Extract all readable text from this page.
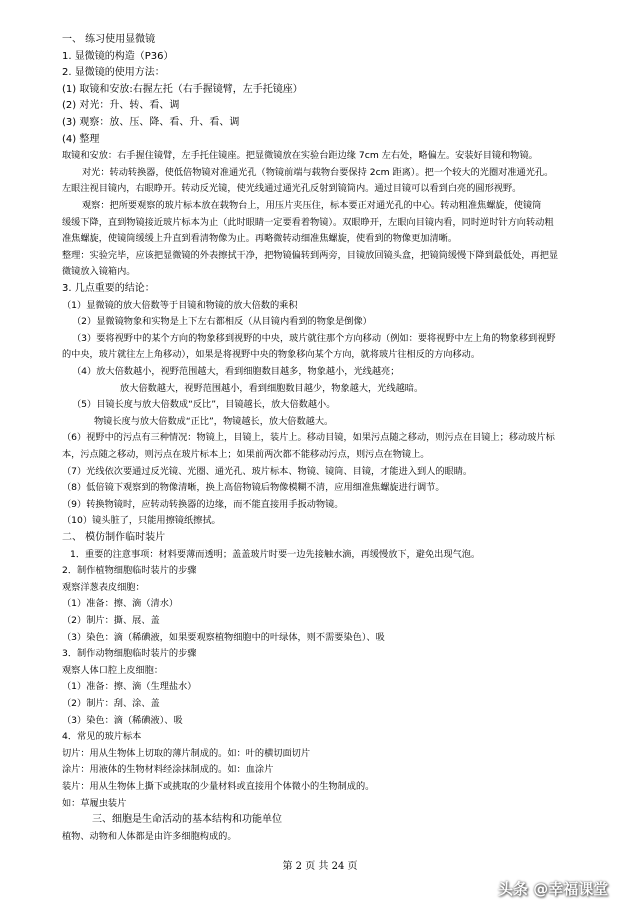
一、 练习使用显微镜
1. 显微镜的构造（P36）
2. 显微镜的使用方法：
(1) 取镜和安放:右握左托（右手握镜臂，左手托镜座）
(2) 对光：升、转、看、调
(3) 观察：放、压、降、看、升、看、调
(4) 整理
取镜和安放：右手握住镜臂，左手托住镜座。把显微镜放在实验台距边缘 7cm 左右处，略偏左。安装好目镜和物镜。
对光：转动转换器，使低倍物镜对准通光孔（物镜前端与载物台要保持 2cm 距离）。把一个较大的光圈对准通光孔。
左眼注视目镜内，右眼睁开。转动反光镜，使光线通过通光孔反射到镜筒内。通过目镜可以看到白亮的圆形视野。
观察：把所要观察的玻片标本放在载物台上，用压片夹压住，标本要正对通光孔的中心。转动粗准焦螺旋，使镜筒
缓缓下降，直到物镜接近玻片标本为止（此时眼睛一定要看着物镜）。双眼睁开，左眼向目镜内看，同时逆时针方向转动粗
准焦螺旋，使镜筒缓缓上升直到看清物像为止。再略微转动细准焦螺旋，使看到的物像更加清晰。
整理：实验完毕，应该把显微镜的外表擦拭干净，把物镜偏转到两旁，目镜放回镜头盒，把镜筒缓慢下降到最低处，再把显
微镜放入镜箱内。
3. 几点重要的结论：
（1）显微镜的放大倍数等于目镜和物镜的放大倍数的乘积
（2）显微镜物象和实物是上下左右都相反（从目镜内看到的物象是倒像）
（3）要将视野中的某个方向的物象移到视野的中央，玻片就往那个方向移动（例如：要将视野中左上角的物象移到视野
的中央，玻片就往左上角移动），如果是将视野中央的物象移向某个方向，就将玻片往相反的方向移动。
（4）放大倍数越小，视野范围越大，看到细胞数目越多，物象越小，光线越亮；
放大倍数越大，视野范围越小，看到细胞数目越少，物象越大，光线越暗。
（5）目镜长度与放大倍数成“反比”，目镜越长，放大倍数越小。
物镜长度与放大倍数成“正比”，物镜越长，放大倍数越大。
（6）视野中的污点有三种情况：物镜上，目镜上，装片上。移动目镜，如果污点随之移动，则污点在目镜上；移动玻片标
本，污点随之移动，则污点在玻片标本上；如果前两次都不能移动污点，则污点在物镜上。
（7）光线依次要通过反光镜、光圈、通光孔、玻片标本、物镜、镜筒、目镜，才能进入到人的眼睛。
（8）低倍镜下观察到的物像清晰，换上高倍物镜后物像模糊不清，应用细准焦螺旋进行调节。
（9）转换物镜时，应转动转换器的边缘，而不能直接用手扳动物镜。
（10）镜头脏了，只能用擦镜纸擦拭。
二、 模仿制作临时装片
1．重要的注意事项：材料要薄而透明；盖盖玻片时要一边先接触水滴，再缓慢放下，避免出现气泡。
2．制作植物细胞临时装片的步骤
观察洋葱表皮细胞：
（1）准备：擦、滴（清水）
（2）制片：撕、展、盖
（3）染色：滴（稀碘液，如果要观察植物细胞中的叶绿体，则不需要染色）、吸
3．制作动物细胞临时装片的步骤
观察人体口腔上皮细胞：
（1）准备：擦、滴（生理盐水）
（2）制片：刮、涂、盖
（3）染色：滴（稀碘液）、吸
4．常见的玻片标本
切片：用从生物体上切取的薄片制成的。如：叶的横切面切片
涂片：用液体的生物材料经涂抹制成的。如：血涂片
装片：用从生物体上撕下或挑取的少量材料或直接用个体微小的生物制成的。
如：草履虫装片
三、细胞是生命活动的基本结构和功能单位
植物、动物和人体都是由许多细胞构成的。
第 2 页 共 24 页
头条 @幸福课堂
